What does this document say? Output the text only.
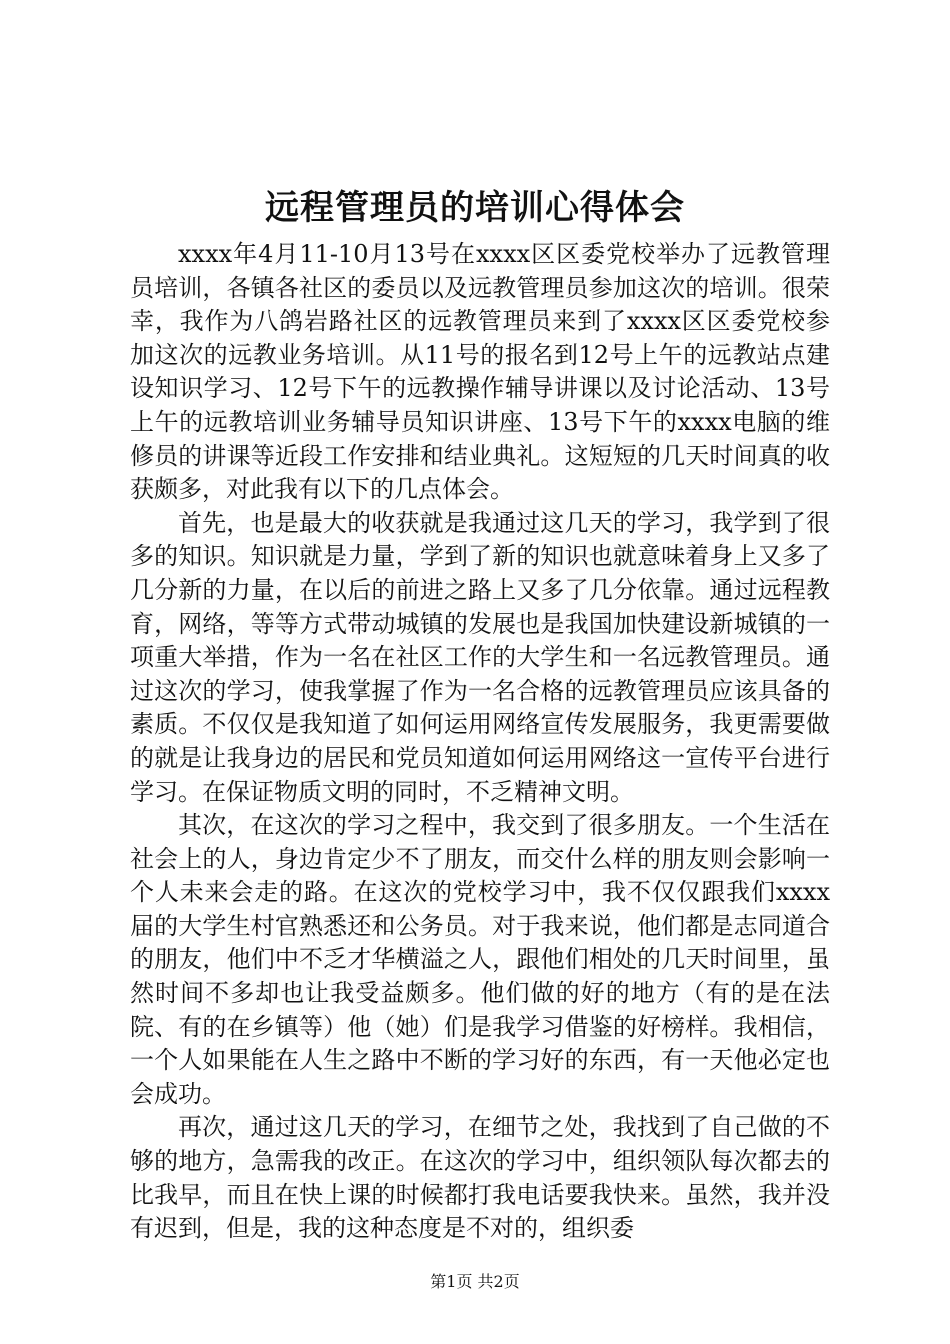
远程管理员的培训心得体会

xxxx年4月11-10月13号在xxxx区区委党校举办了远教管理员培训，各镇各社区的委员以及远教管理员参加这次的培训。很荣幸，我作为八鸽岩路社区的远教管理员来到了xxxx区区委党校参加这次的远教业务培训。从11号的报名到12号上午的远教站点建设知识学习、12号下午的远教操作辅导讲课以及讨论活动、13号上午的远教培训业务辅导员知识讲座、13号下午的xxxx电脑的维修员的讲课等近段工作安排和结业典礼。这短短的几天时间真的收获颇多，对此我有以下的几点体会。

首先，也是最大的收获就是我通过这几天的学习，我学到了很多的知识。知识就是力量，学到了新的知识也就意味着身上又多了几分新的力量，在以后的前进之路上又多了几分依靠。通过远程教育，网络，等等方式带动城镇的发展也是我国加快建设新城镇的一项重大举措，作为一名在社区工作的大学生和一名远教管理员。通过这次的学习，使我掌握了作为一名合格的远教管理员应该具备的素质。不仅仅是我知道了如何运用网络宣传发展服务，我更需要做的就是让我身边的居民和党员知道如何运用网络这一宣传平台进行学习。在保证物质文明的同时，不乏精神文明。

其次，在这次的学习之程中，我交到了很多朋友。一个生活在社会上的人，身边肯定少不了朋友，而交什么样的朋友则会影响一个人未来会走的路。在这次的党校学习中，我不仅仅跟我们xxxx届的大学生村官熟悉还和公务员。对于我来说，他们都是志同道合的朋友，他们中不乏才华横溢之人，跟他们相处的几天时间里，虽然时间不多却也让我受益颇多。他们做的好的地方（有的是在法院、有的在乡镇等）他（她）们是我学习借鉴的好榜样。我相信，一个人如果能在人生之路中不断的学习好的东西，有一天他必定也会成功。

再次，通过这几天的学习，在细节之处，我找到了自己做的不够的地方，急需我的改正。在这次的学习中，组织领队每次都去的比我早，而且在快上课的时候都打我电话要我快来。虽然，我并没有迟到，但是，我的这种态度是不对的，组织委

第1页 共2页
